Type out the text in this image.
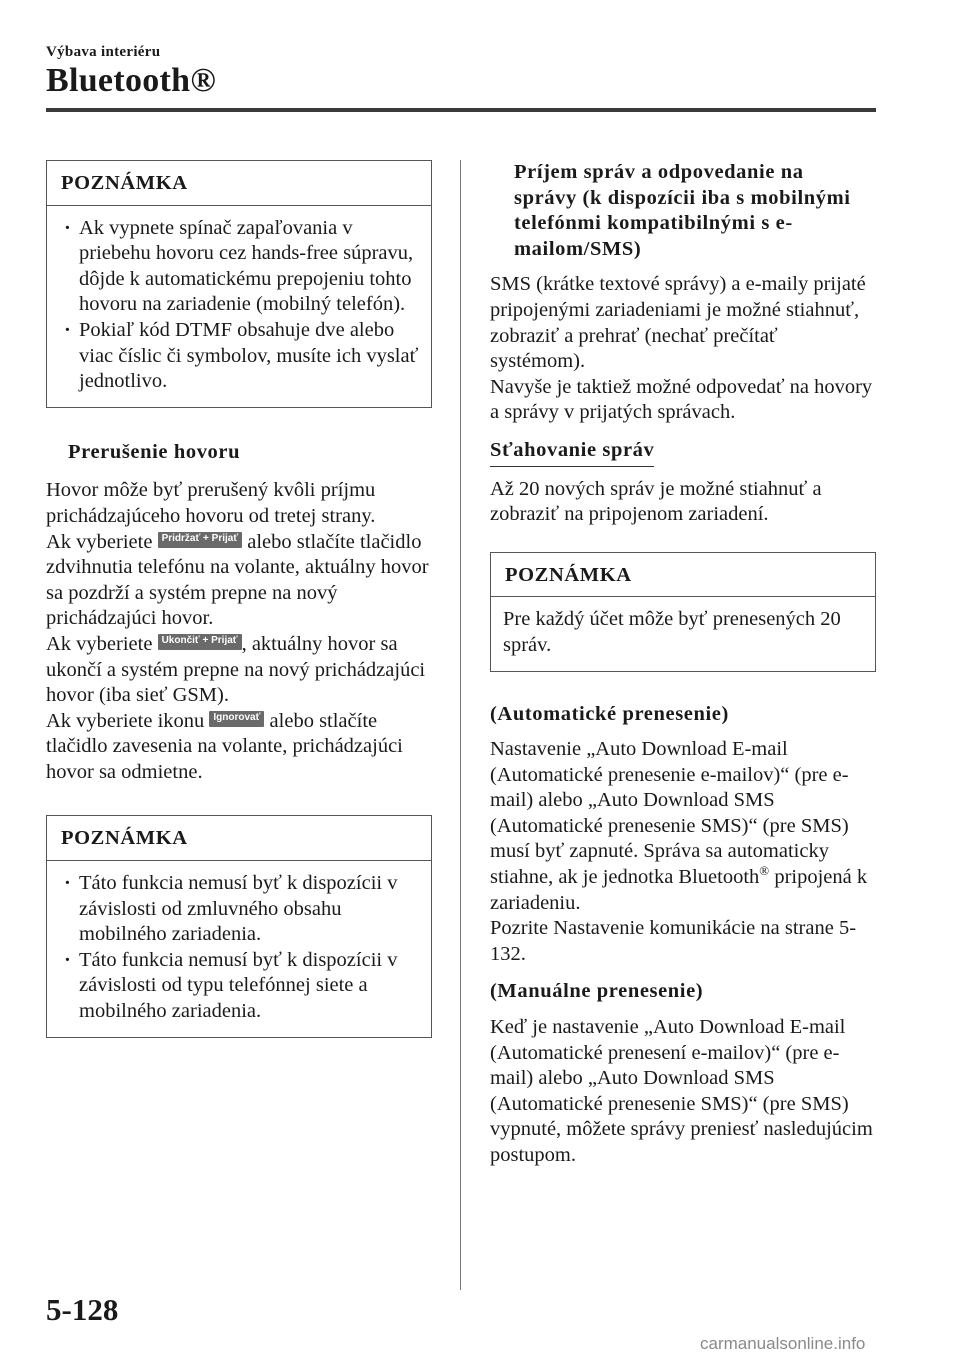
Výbava interiéru
Bluetooth®
POZNÁMKA
· Ak vypnete spínač zapaľovania v priebehu hovoru cez hands-free súpravu, dôjde k automatickému prepojeniu tohto hovoru na zariadenie (mobilný telefón).
· Pokiaľ kód DTMF obsahuje dve alebo viac číslic či symbolov, musíte ich vyslať jednotlivo.
Prerušenie hovoru

Hovor môže byť prerušený kvôli príjmu prichádzajúceho hovoru od tretej strany.

Ak vyberiete Pridržať + Prijať alebo stlačíte tlačidlo zdvihnutia telefónu na volante, aktuálny hovor sa pozdrží a systém prepne na nový prichádzajúci hovor.

Ak vyberiete Ukončiť + Prijať , aktuálny hovor sa ukončí a systém prepne na nový prichádzajúci hovor (iba sieť GSM).

Ak vyberiete ikonu Ignorovať alebo stlačíte tlačidlo zavesenia na volante, prichádzajúci hovor sa odmietne.

POZNÁMKA
· Táto funkcia nemusí byť k dispozícii v závislosti od zmluvného obsahu mobilného zariadenia.
· Táto funkcia nemusí byť k dispozícii v závislosti od typu telefónnej siete a mobilného zariadenia.
Príjem správ a odpovedanie na správy (k dispozícii iba s mobilnými telefónmi kompatibilnými s e-mailom/SMS)

SMS (krátke textové správy) a e-maily prijaté pripojenými zariadeniami je možné stiahnuť, zobraziť a prehrať (nechať prečítať systémom).

Navyše je taktiež možné odpovedať na hovory a správy v prijatých správach.

Sťahovanie správ

Až 20 nových správ je možné stiahnuť a zobraziť na pripojenom zariadení.

POZNÁMKA

Pre každý účet môže byť prenesených 20 správ.

(Automatické prenesenie)

Nastavenie „Auto Download E-mail (Automatické prenesenie e-mailov)“ (pre e-mail) alebo „Auto Download SMS (Automatické prenesenie SMS)“ (pre SMS) musí byť zapnuté. Správa sa automaticky stiahne, ak je jednotka Bluetooth® pripojená k zariadeniu.

Pozrite Nastavenie komunikácie na strane 5-132.

(Manuálne prenesenie)

Keď je nastavenie „Auto Download E-mail (Automatické prenesení e-mailov)“ (pre e-mail) alebo „Auto Download SMS (Automatické prenesenie SMS)“ (pre SMS) vypnuté, môžete správy preniesť nasledujúcim postupom.

5-128
carmanualsonline.info
